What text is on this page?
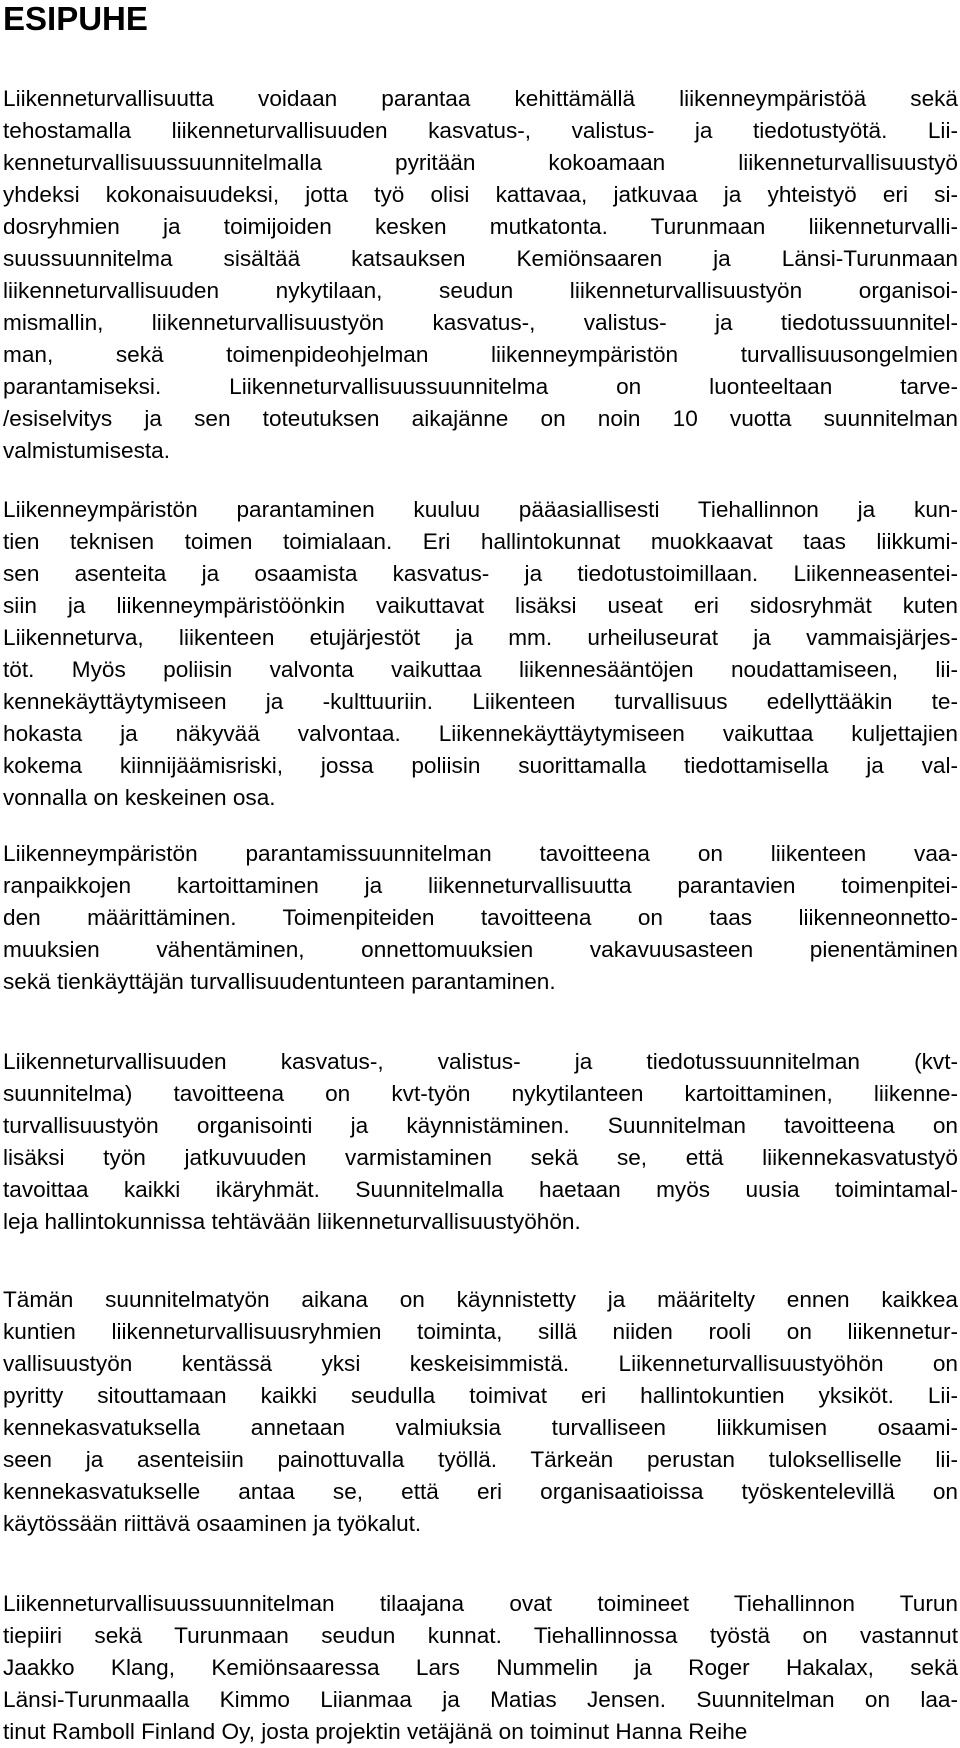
ESIPUHE
Liikenneturvallisuutta voidaan parantaa kehittämällä liikenneympäristöä sekä
tehostamalla liikenneturvallisuuden kasvatus-, valistus- ja tiedotustyötä. Lii-
kenneturvallisuussuunnitelmalla pyritään kokoamaan liikenneturvallisuustyö
yhdeksi kokonaisuudeksi, jotta työ olisi kattavaa, jatkuvaa ja yhteistyö eri si-
dosryhmien ja toimijoiden kesken mutkatonta. Turunmaan liikenneturvalli-
suussuunnitelma sisältää katsauksen Kemiönsaaren ja Länsi-Turunmaan
liikenneturvallisuuden nykytilaan, seudun liikenneturvallisuustyön organisoi-
mismallin, liikenneturvallisuustyön kasvatus-, valistus- ja tiedotussuunnitel-
man, sekä toimenpideohjelman liikenneympäristön turvallisuusongelmien
parantamiseksi. Liikenneturvallisuussuunnitelma on luonteeltaan tarve-
/esiselvitys ja sen toteutuksen aikajänne on noin 10 vuotta suunnitelman
valmistumisesta.
Liikenneympäristön parantaminen kuuluu pääasiallisesti Tiehallinnon ja kun-
tien teknisen toimen toimialaan. Eri hallintokunnat muokkaavat taas liikkumi-
sen asenteita ja osaamista kasvatus- ja tiedotustoimillaan. Liikenneasentei-
siin ja liikenneympäristöönkin vaikuttavat lisäksi useat eri sidosryhmät kuten
Liikenneturva, liikenteen etujärjestöt ja mm. urheiluseurat ja vammaisjärjes-
töt. Myös poliisin valvonta vaikuttaa liikennesääntöjen noudattamiseen, lii-
kennekäyttäytymiseen ja -kulttuuriin. Liikenteen turvallisuus edellyttääkin te-
hokasta ja näkyvää valvontaa. Liikennekäyttäytymiseen vaikuttaa kuljettajien
kokema kiinnijäämisriski, jossa poliisin suorittamalla tiedottamisella ja val-
vonnalla on keskeinen osa.
Liikenneympäristön parantamissuunnitelman tavoitteena on liikenteen vaa-
ranpaikkojen kartoittaminen ja liikenneturvallisuutta parantavien toimenpitei-
den määrittäminen. Toimenpiteiden tavoitteena on taas liikenneonnetto-
muuksien vähentäminen, onnettomuuksien vakavuusasteen pienentäminen
sekä tienkäyttäjän turvallisuudentunteen parantaminen.
Liikenneturvallisuuden kasvatus-, valistus- ja tiedotussuunnitelman (kvt-
suunnitelma) tavoitteena on kvt-työn nykytilanteen kartoittaminen, liikenne-
turvallisuustyön organisointi ja käynnistäminen. Suunnitelman tavoitteena on
lisäksi työn jatkuvuuden varmistaminen sekä se, että liikennekasvatustyö
tavoittaa kaikki ikäryhmät. Suunnitelmalla haetaan myös uusia toimintamal-
leja hallintokunnissa tehtävään liikenneturvallisuustyöhön.
Tämän suunnitelmatyön aikana on käynnistetty ja määritelty ennen kaikkea
kuntien liikenneturvallisuusryhmien toiminta, sillä niiden rooli on liikennetur-
vallisuustyön kentässä yksi keskeisimmistä. Liikenneturvallisuustyöhön on
pyritty sitouttamaan kaikki seudulla toimivat eri hallintokuntien yksiköt. Lii-
kennekasvatuksella annetaan valmiuksia turvalliseen liikkumisen osaami-
seen ja asenteisiin painottuvalla työllä. Tärkeän perustan tulokselliselle lii-
kennekasvatukselle antaa se, että eri organisaatioissa työskentelevillä on
käytössään riittävä osaaminen ja työkalut.
Liikenneturvallisuussuunnitelman tilaajana ovat toimineet Tiehallinnon Turun
tiepiiri sekä Turunmaan seudun kunnat. Tiehallinnossa työstä on vastannut
Jaakko Klang, Kemiönsaaressa Lars Nummelin ja Roger Hakalax, sekä
Länsi-Turunmaalla Kimmo Liianmaa ja Matias Jensen. Suunnitelman on laa-
tinut Ramboll Finland Oy, josta projektin vetäjänä on toiminut Hanna Reihe
